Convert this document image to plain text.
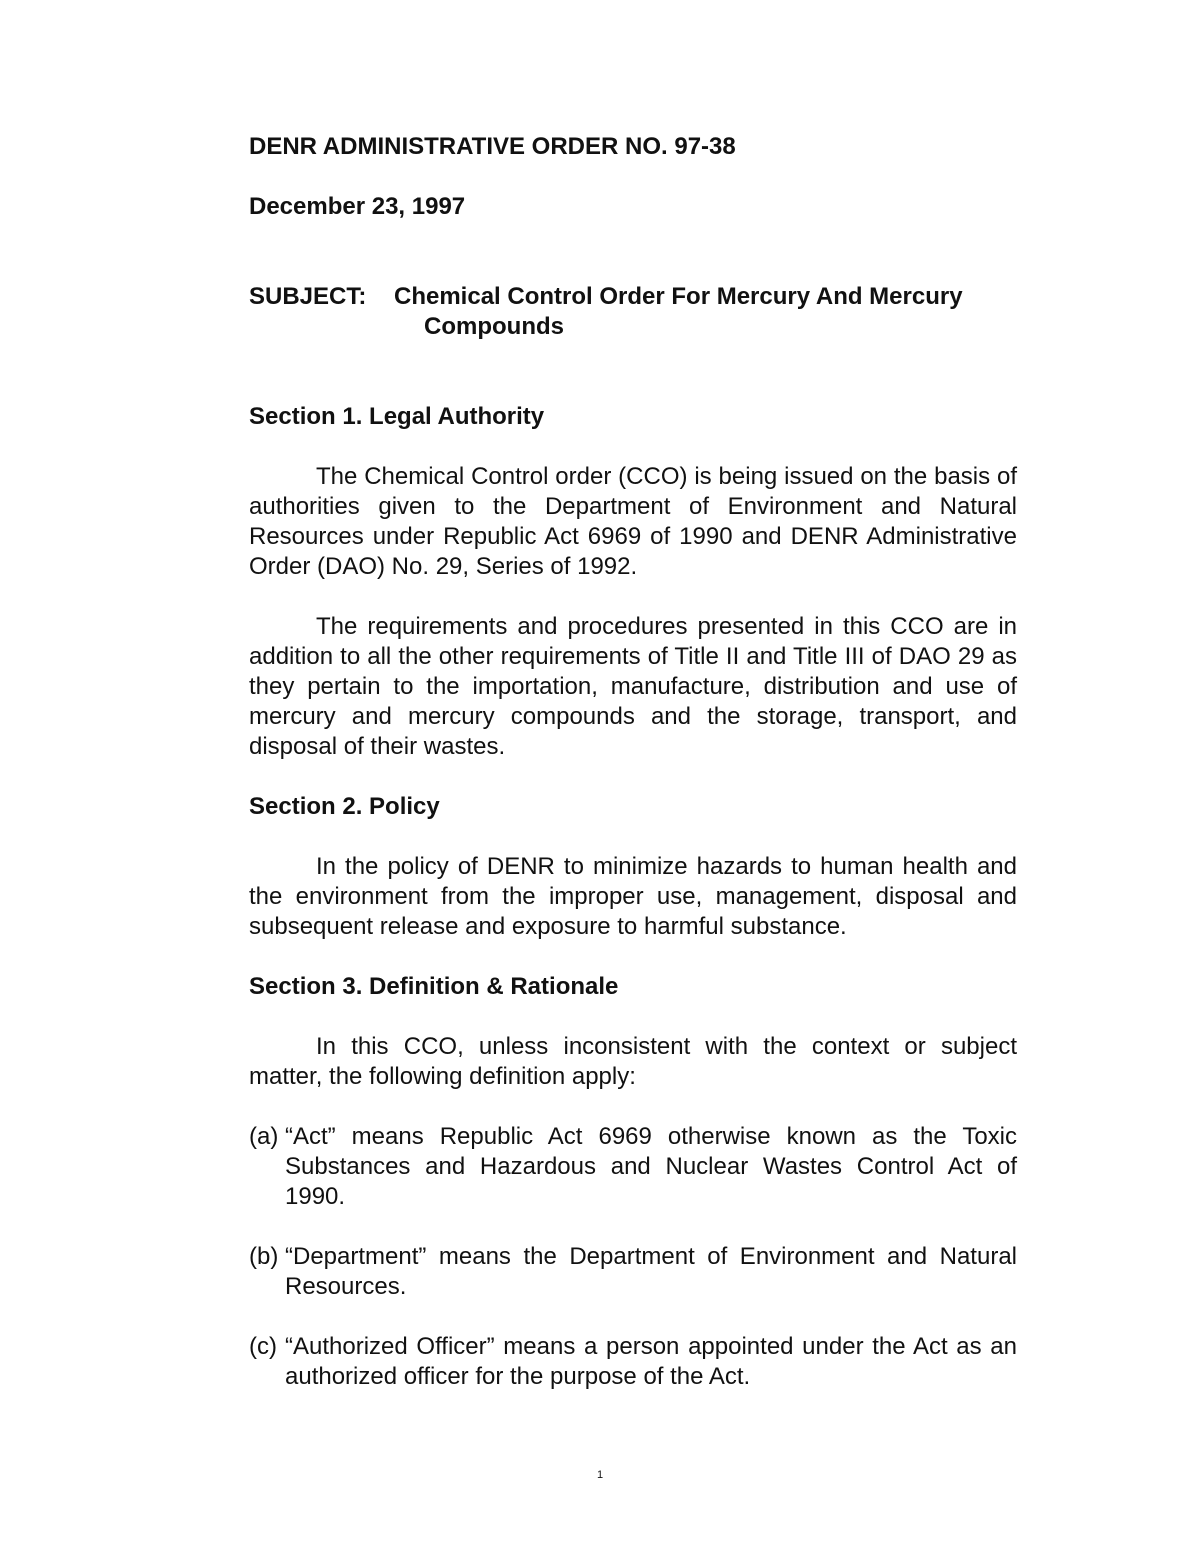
DENR ADMINISTRATIVE ORDER NO. 97-38
December 23, 1997
SUBJECT:	Chemical Control Order For Mercury And Mercury
Compounds
Section 1. Legal Authority

The Chemical Control order (CCO) is being issued on the basis of authorities given to the Department of Environment and Natural Resources under Republic Act 6969 of 1990 and DENR Administrative Order (DAO) No. 29, Series of 1992.

The requirements and procedures presented in this CCO are in addition to all the other requirements of Title II and Title III of DAO 29 as they pertain to the importation, manufacture, distribution and use of mercury and mercury compounds and the storage, transport, and disposal of their wastes.

Section 2. Policy

In the policy of DENR to minimize hazards to human health and the environment from the improper use, management, disposal and subsequent release and exposure to harmful substance.

Section 3. Definition & Rationale

In this CCO, unless inconsistent with the context or subject matter, the following definition apply:

(a) “Act” means Republic Act 6969 otherwise known as the Toxic Substances and Hazardous and Nuclear Wastes Control Act of 1990.
(b) “Department” means the Department of Environment and Natural Resources.
(c) “Authorized Officer” means a person appointed under the Act as an authorized officer for the purpose of the Act.
1
